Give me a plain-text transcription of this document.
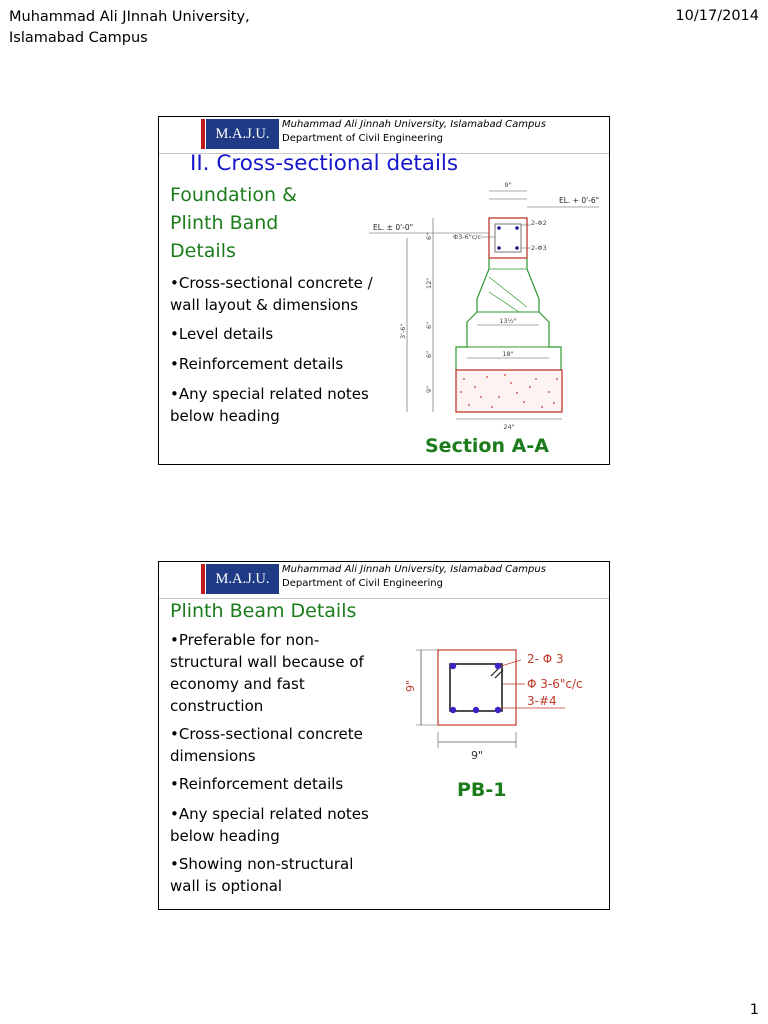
Muhammad Ali JInnah University,
Islamabad Campus
10/17/2014
M.A.J.U.
Muhammad Ali Jinnah University, Islamabad Campus
Department of Civil Engineering
II. Cross-sectional details
Foundation &
Plinth Band
Details
•Cross-sectional concrete / wall layout & dimensions
•Level details
•Reinforcement details
•Any special related notes below heading
9"
EL. + 0'-6"
EL. ± 0'-0"
Φ3-6"c/c
2-Φ2
2-Φ3
6"
12"
6"
6"
9"
3'-6"
13½"
18"
24"
Section A-A
M.A.J.U.
Muhammad Ali Jinnah University, Islamabad Campus
Department of Civil Engineering
Plinth Beam Details
•Preferable for non-structural wall because of economy and fast construction
•Cross-sectional concrete dimensions
•Reinforcement details
•Any special related notes below heading
•Showing non-structural wall is optional
9"
9"
2- Φ 3
Φ 3-6"c/c
3-#4
PB-1
1
